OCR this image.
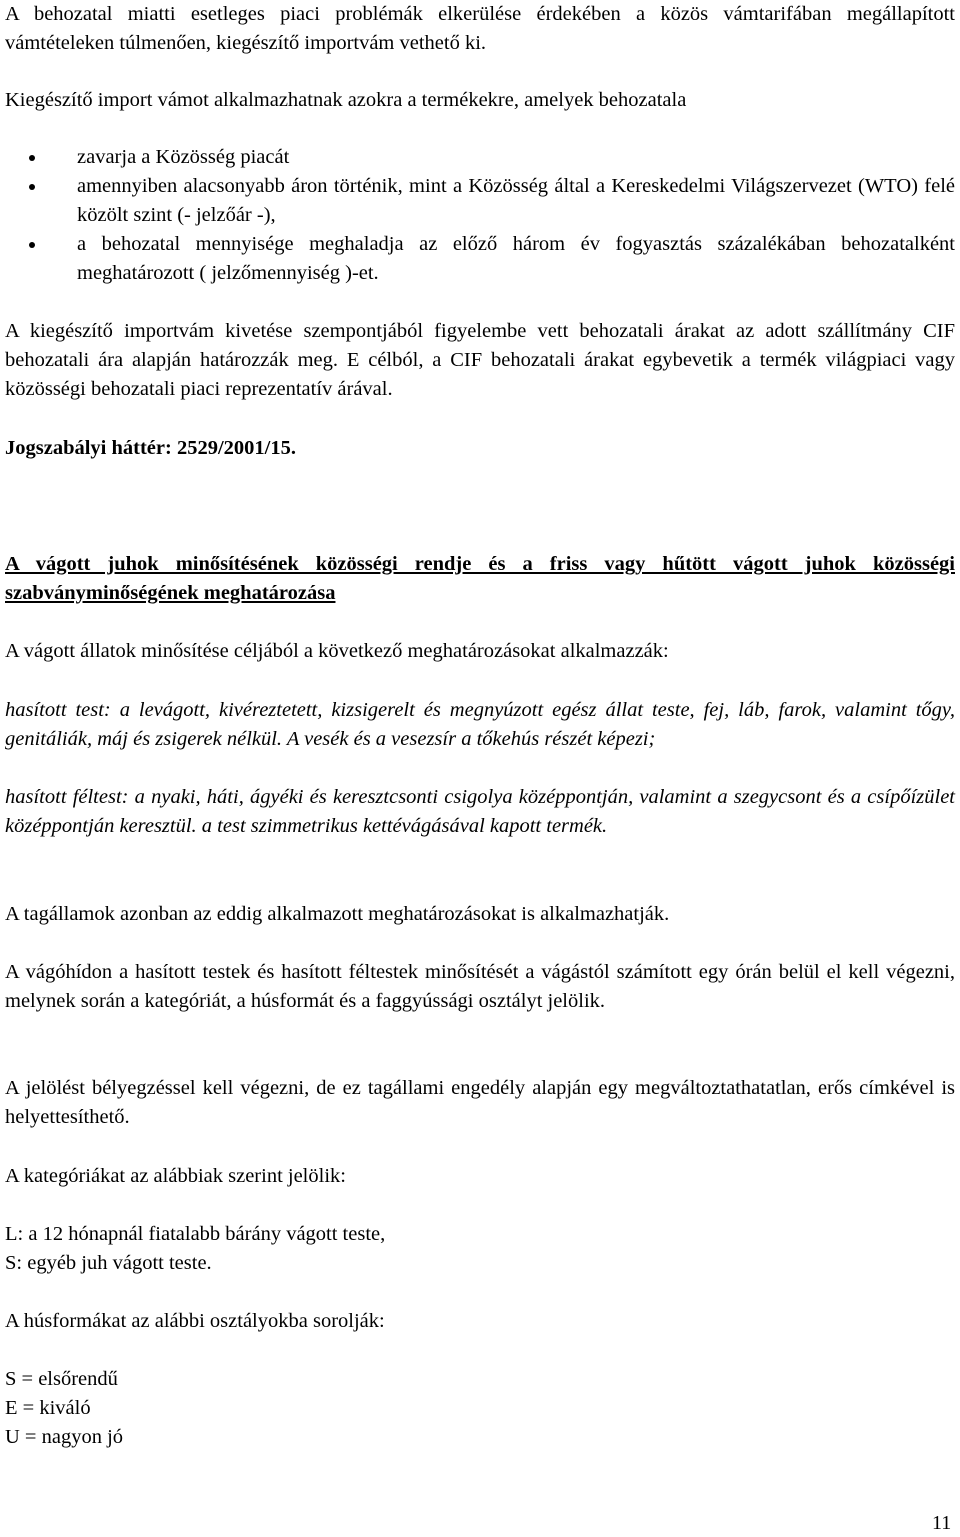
A behozatal miatti esetleges piaci problémák elkerülése érdekében a közös vámtarifában megállapított vámtételeken túlmenően, kiegészítő importvám vethető ki.

Kiegészítő import vámot alkalmazhatnak azokra a termékekre, amelyek behozatala

zavarja a Közösség piacát
amennyiben alacsonyabb áron történik, mint a Közösség által a Kereskedelmi Világszervezet (WTO) felé közölt szint (- jelzőár -),
a behozatal mennyisége meghaladja az előző három év fogyasztás százalékában behozatalként meghatározott ( jelzőmennyiség )-et.

A kiegészítő importvám kivetése szempontjából figyelembe vett behozatali árakat az adott szállítmány CIF behozatali ára alapján határozzák meg. E célból, a CIF behozatali árakat egybevetik a termék világpiaci vagy közösségi behozatali piaci reprezentatív árával.

Jogszabályi háttér: 2529/2001/15.

A vágott juhok minősítésének közösségi rendje és a friss vagy hűtött vágott juhok közösségi szabványminőségének meghatározása

A vágott állatok minősítése céljából a következő meghatározásokat alkalmazzák:

hasított test: a levágott, kivéreztetett, kizsigerelt és megnyúzott egész állat teste, fej, láb, farok, valamint tőgy, genitáliák, máj és zsigerek nélkül. A vesék és a vesezsír a tőkehús részét képezi;

hasított féltest: a nyaki, háti, ágyéki és keresztcsonti csigolya középpontján, valamint a szegycsont és a csípőízület középpontján keresztül. a test szimmetrikus kettévágásával kapott termék.

A tagállamok azonban az eddig alkalmazott meghatározásokat is alkalmazhatják.

A vágóhídon a hasított testek és hasított féltestek minősítését a vágástól számított egy órán belül el kell végezni, melynek során a kategóriát, a húsformát és a faggyússági osztályt jelölik.

A jelölést bélyegzéssel kell végezni, de ez tagállami engedély alapján egy megváltoztathatatlan, erős címkével is helyettesíthető.

A kategóriákat az alábbiak szerint jelölik:

L: a 12 hónapnál fiatalabb bárány vágott teste,

S: egyéb juh vágott teste.

A húsformákat az alábbi osztályokba sorolják:

S = elsőrendű

E = kiváló

U = nagyon jó

11
